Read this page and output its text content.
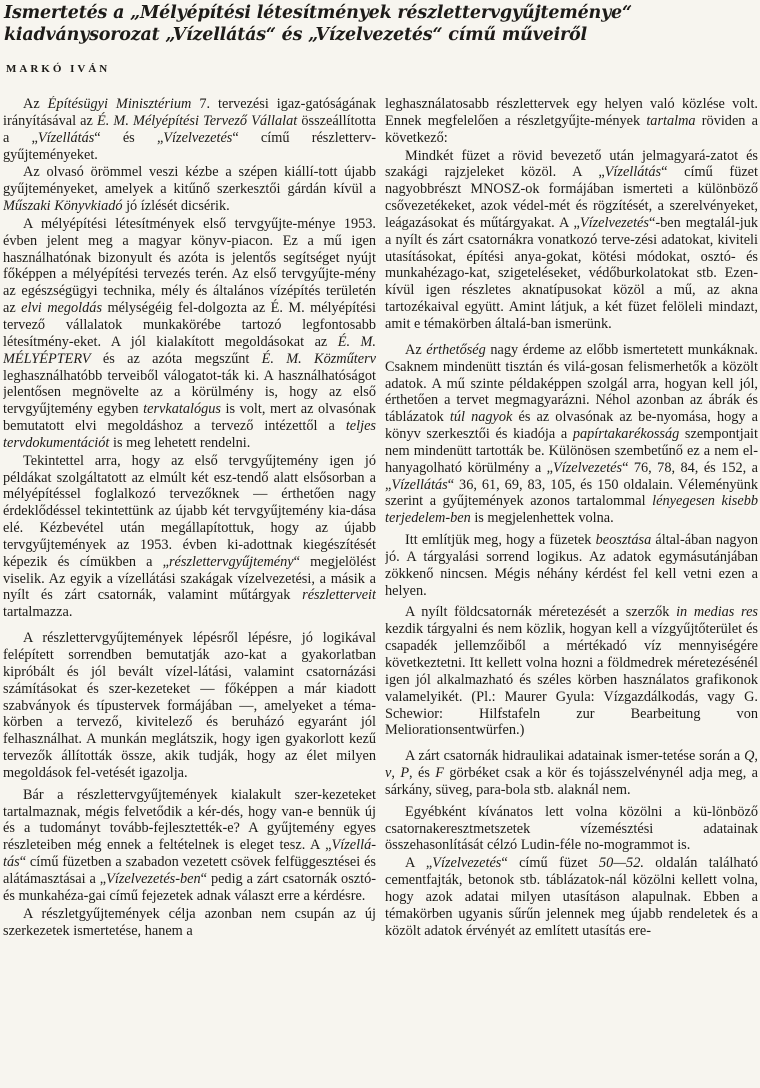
Ismertetés a „Mélyépítési létesítmények részlettervgyűjteménye“
kiadványsorozat „Vízellátás“ és „Vízelvezetés“ című műveiről
MARKÓ IVÁN

Az Építésügyi Minisztérium 7. tervezési igaz-gatóságának irányításával az É. M. Mélyépítési Tervező Vállalat összeállította a „Vízellátás“ és „Vízelvezetés“ című részletterv-gyűjteményeket.

Az olvasó örömmel veszi kézbe a szépen kiállí-tott újabb gyűjteményeket, amelyek a kitűnő szerkesztői gárdán kívül a Műszaki Könyvkiadó jó ízlését dicsérik.

A mélyépítési létesítmények első tervgyűjte-ménye 1953. évben jelent meg a magyar könyv-piacon. Ez a mű igen használhatónak bizonyult és azóta is jelentős segítséget nyújt főképpen a mélyépítési tervezés terén. Az első tervgyűjte-mény az egészségügyi technika, mély és általános vízépítés területén az elvi megoldás mélységéig fel-dolgozta az É. M. mélyépítési tervező vállalatok munkakörébe tartozó legfontosabb létesítmény-eket. A jól kialakított megoldásokat az É. M. MÉLYÉPTERV és az azóta megszűnt É. M. Közműterv leghasználhatóbb terveiből válogatot-ták ki. A használhatóságot jelentősen megnövelte az a körülmény is, hogy az első tervgyűjtemény egyben tervkatalógus is volt, mert az olvasónak bemutatott elvi megoldáshoz a tervező intézettől a teljes tervdokumentációt is meg lehetett rendelni.

Tekintettel arra, hogy az első tervgyűjtemény igen jó példákat szolgáltatott az elmúlt két esz-tendő alatt elsősorban a mélyépítéssel foglalkozó tervezőknek — érthetően nagy érdeklődéssel tekintettünk az újabb két tervgyűjtemény kia-dása elé. Kézbevétel után megállapítottuk, hogy az újabb tervgyűjtemények az 1953. évben ki-adottnak kiegészítését képezik és címükben a „részlettervgyűjtemény“ megjelölést viselik. Az egyik a vízellátási szakágak vízelvezetési, a másik a nyílt és zárt csatornák, valamint műtárgyak részletterveit tartalmazza.

A részlettervgyűjtemények lépésről lépésre, jó logikával felépített sorrendben bemutatják azo-kat a gyakorlatban kipróbált és jól bevált vízel-látási, valamint csatornázási számításokat és szer-kezeteket — főképpen a már kiadott szabványok és típustervek formájában —, amelyeket a téma-körben a tervező, kivitelező és beruházó egyaránt jól felhasználhat. A munkán meglátszik, hogy igen gyakorlott kezű tervezők állították össze, akik tudják, hogy az élet milyen megoldások fel-vetését igazolja.

Bár a részlettervgyűjtemények kialakult szer-kezeteket tartalmaznak, mégis felvetődik a kér-dés, hogy van-e bennük új és a tudományt tovább-fejlesztették-e? A gyűjtemény egyes részleteiben még ennek a feltételnek is eleget tesz. A „Vízellá-tás“ című füzetben a szabadon vezetett csövek felfüggesztései és alátámasztásai a „Vízelvezetés-ben“ pedig a zárt csatornák osztó- és munkahéza-gai című fejezetek adnak választ erre a kérdésre.

A részletgyűjtemények célja azonban nem csupán az új szerkezetek ismertetése, hanem a

leghasználatosabb részlettervek egy helyen való közlése volt. Ennek megfelelően a részletgyűjte-mények tartalma röviden a következő:

Mindkét füzet a rövid bevezető után jelmagyará-zatot és szakági rajzjeleket közöl. A „Vízellátás“ című füzet nagyobbrészt MNOSZ-ok formájában ismerteti a különböző csővezetékeket, azok védel-mét és rögzítését, a szerelvényeket, leágazásokat és műtárgyakat. A „Vízelvezetés“-ben megtalál-juk a nyílt és zárt csatornákra vonatkozó terve-zési adatokat, kiviteli utasításokat, építési anya-gokat, kötési módokat, osztó- és munkahézago-kat, szigeteléseket, védőburkolatokat stb. Ezen-kívül igen részletes aknatípusokat közöl a mű, az akna tartozékaival együtt. Amint látjuk, a két füzet felöleli mindazt, amit e témakörben általá-ban ismerünk.

Az érthetőség nagy érdeme az előbb ismertetett munkáknak. Csaknem mindenütt tisztán és vilá-gosan felismerhetők a közölt adatok. A mű szinte példaképpen szolgál arra, hogyan kell jól, érthetően a tervet megmagyarázni. Néhol azonban az ábrák és táblázatok túl nagyok és az olvasónak az be-nyomása, hogy a könyv szerkesztői és kiadója a papírtakarékosság szempontjait nem mindenütt tartották be. Különösen szembetűnő ez a nem el-hanyagolható körülmény a „Vízelvezetés“ 76, 78, 84, és 152, a „Vízellátás“ 36, 61, 69, 83, 105, és 150 oldalain. Véleményünk szerint a gyűjtemények azonos tartalommal lényegesen kisebb terjedelem-ben is megjelenhettek volna.

Itt említjük meg, hogy a füzetek beosztása által-ában nagyon jó. A tárgyalási sorrend logikus. Az adatok egymásutánjában zökkenő nincsen. Mégis néhány kérdést fel kell vetni ezen a helyen.

A nyílt földcsatornák méretezését a szerzők in medias res kezdik tárgyalni és nem közlik, hogyan kell a vízgyűjtőterület és csapadék jellemzőiből a mértékadó víz mennyiségére következtetni. Itt kellett volna hozni a földmedrek méretezésénél igen jól alkalmazható és széles körben használatos grafikonok valamelyikét. (Pl.: Maurer Gyula: Vízgazdálkodás, vagy G. Schewior: Hilfstafeln zur Bearbeitung von Meliorationsentwürfen.)

A zárt csatornák hidraulikai adatainak ismer-tetése során a Q, v, P, és F görbéket csak a kör és tojásszelvénynél adja meg, a sárkány, süveg, para-bola stb. alaknál nem.

Egyébként kívánatos lett volna közölni a kü-lönböző csatornakeresztmetszetek vízemésztési adatainak összehasonlítását célzó Ludin-féle no-mogrammot is.

A „Vízelvezetés“ című füzet 50—52. oldalán található cementfajták, betonok stb. táblázatok-nál közölni kellett volna, hogy azok adatai milyen utasításon alapulnak. Ebben a témakörben ugyanis sűrűn jelennek meg újabb rendeletek és a közölt adatok érvényét az említett utasítás ere-
